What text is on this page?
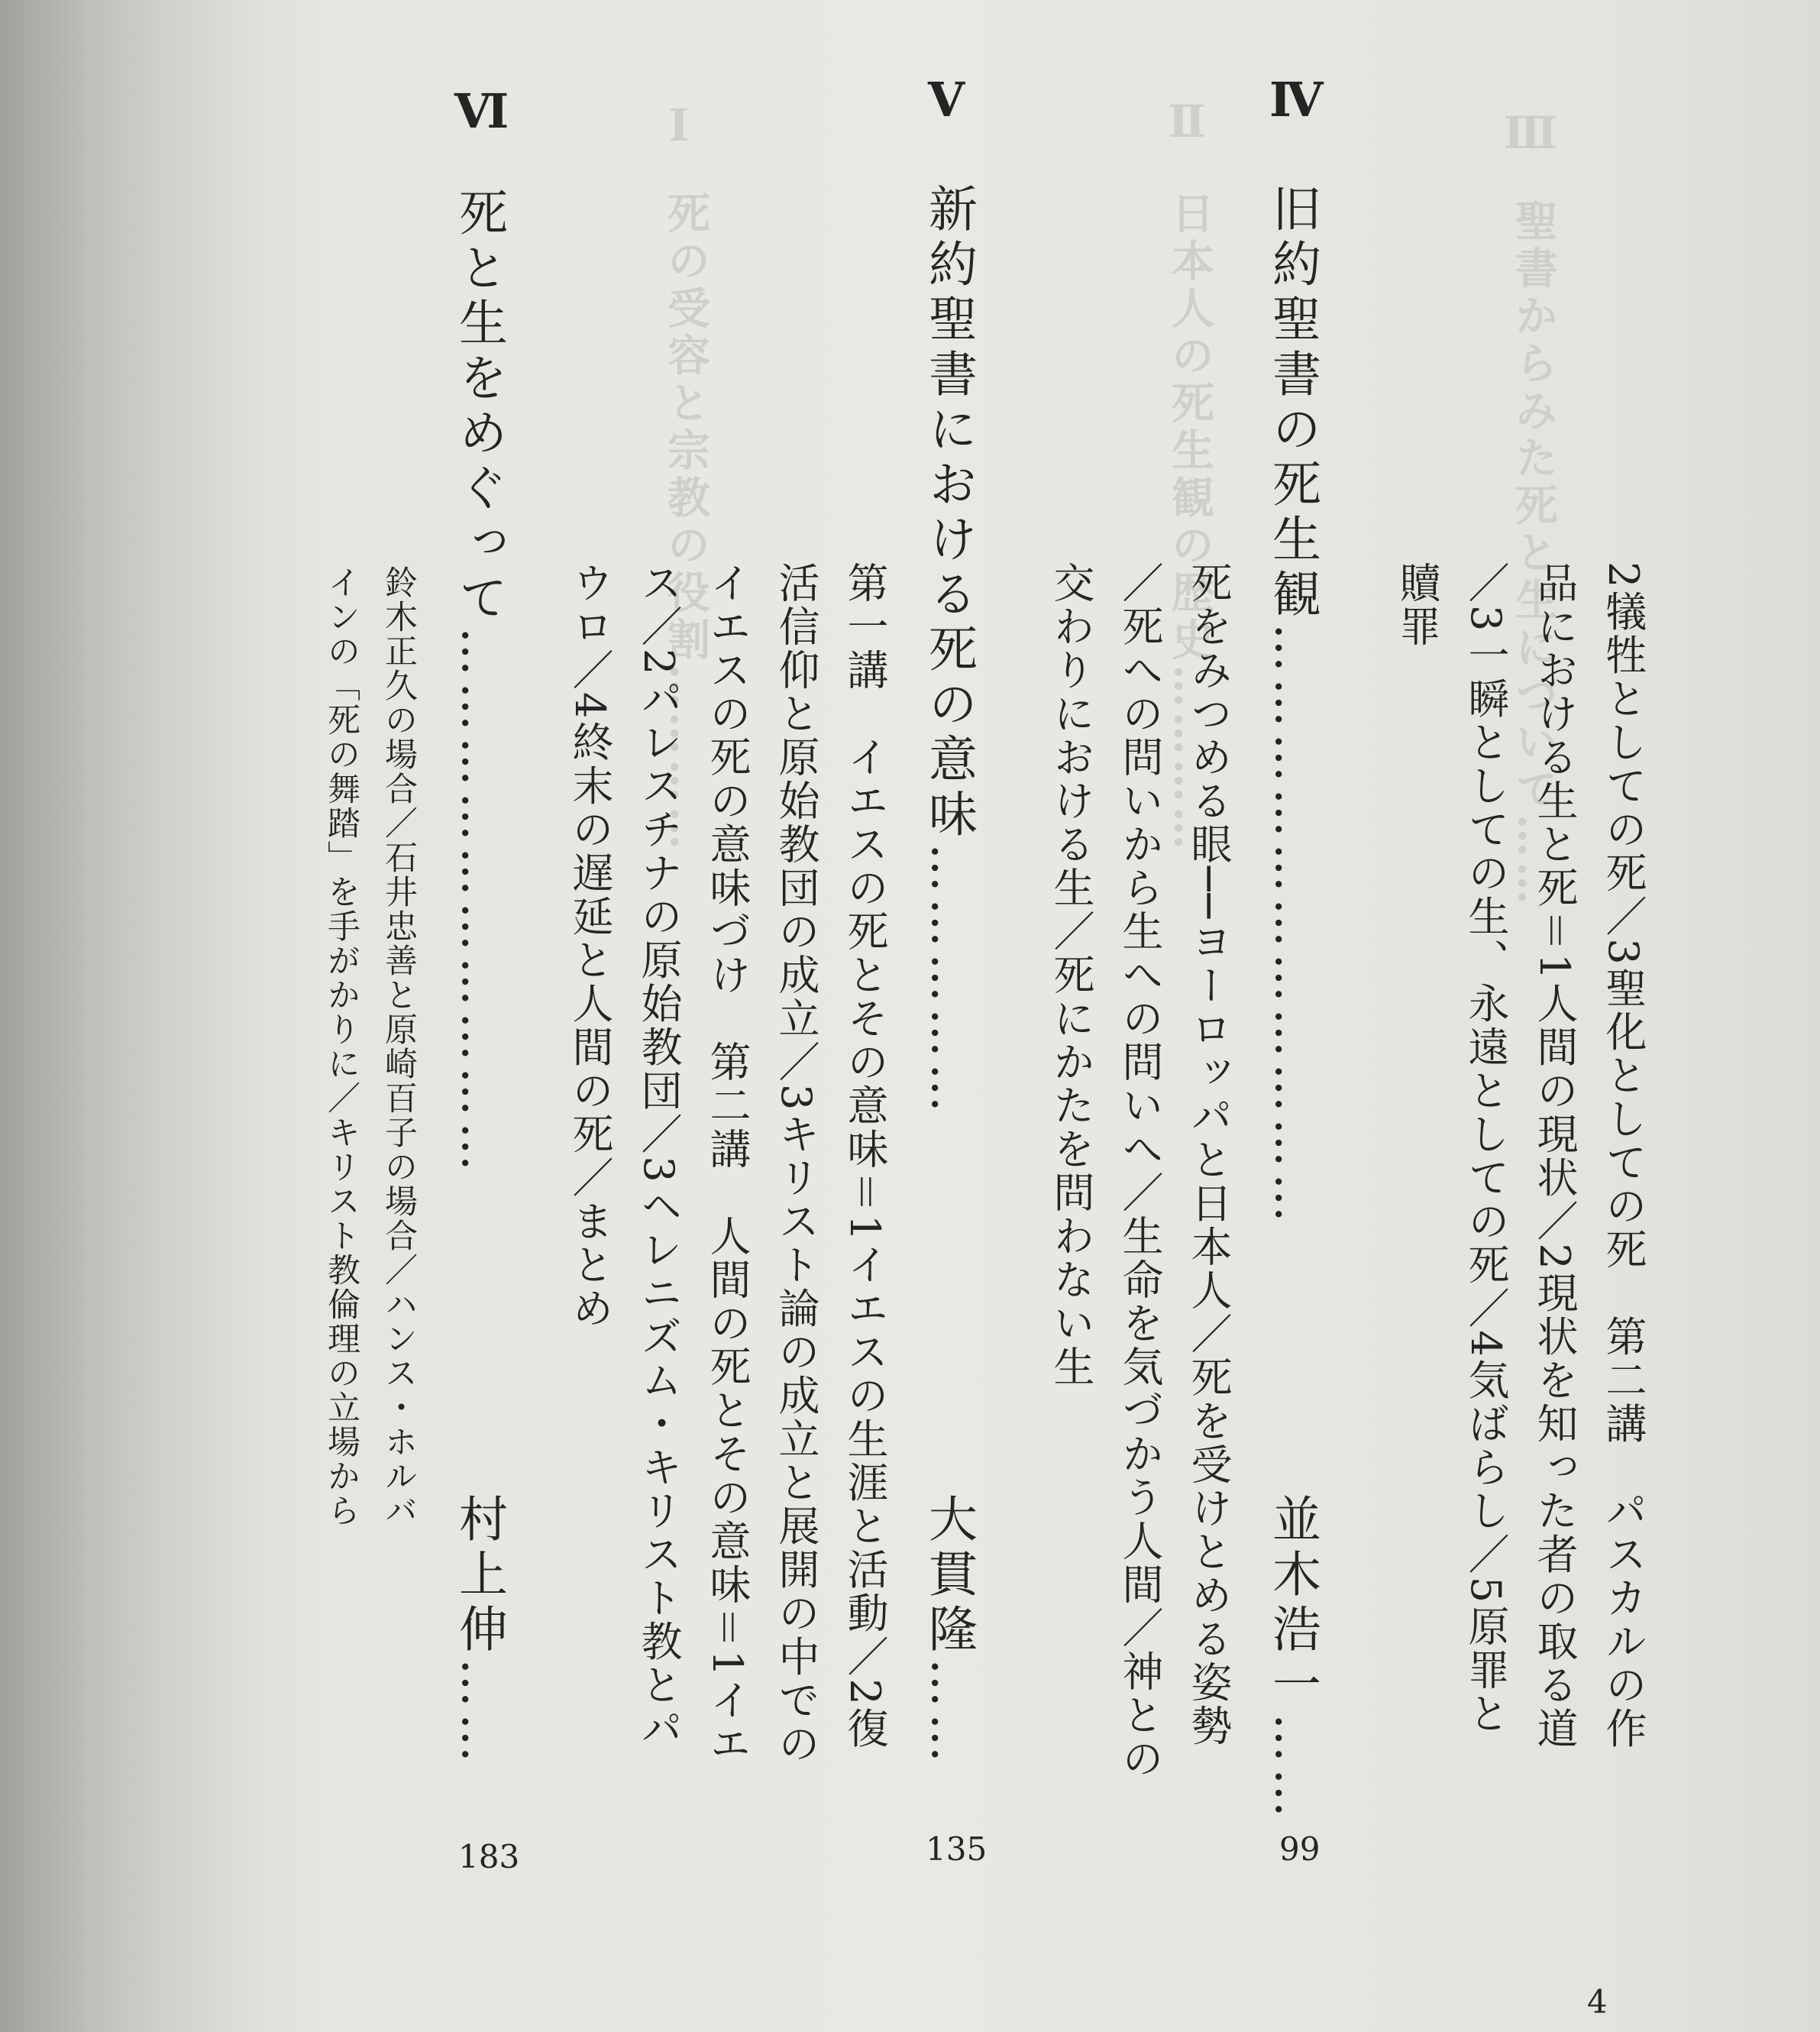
Ⅲ
Ⅱ
Ⅰ
聖書からみた死と生について……
日本人の死生観の歴史…………
死の受容と宗教の役割…………
2犠牲としての死／3聖化としての死　第二講　パスカルの作
品における生と死＝1人間の現状／2現状を知った者の取る道
／3一瞬としての生、永遠としての死／4気ばらし／5原罪と
贖罪
Ⅳ
旧約聖書の死生観……………………………
並木浩一……
99
死をみつめる眼──ヨーロッパと日本人／死を受けとめる姿勢
／死への問いから生への問いへ／生命を気づかう人間／神との
交わりにおける生／死にかたを問わない生
Ⅴ
新約聖書における死の意味……………
大貫隆……
135
第一講　イエスの死とその意味＝1イエスの生涯と活動／2復
活信仰と原始教団の成立／3キリスト論の成立と展開の中での
イエスの死の意味づけ　第二講　人間の死とその意味＝1イエ
ス／2パレスチナの原始教団／3ヘレニズム・キリスト教とパ
ウロ／4終末の遅延と人間の死／まとめ
Ⅵ
死と生をめぐって…………………………
村上伸……
183
鈴木正久の場合／石井忠善と原崎百子の場合／ハンス・ホルバ
インの「死の舞踏」を手がかりに／キリスト教倫理の立場から
4
